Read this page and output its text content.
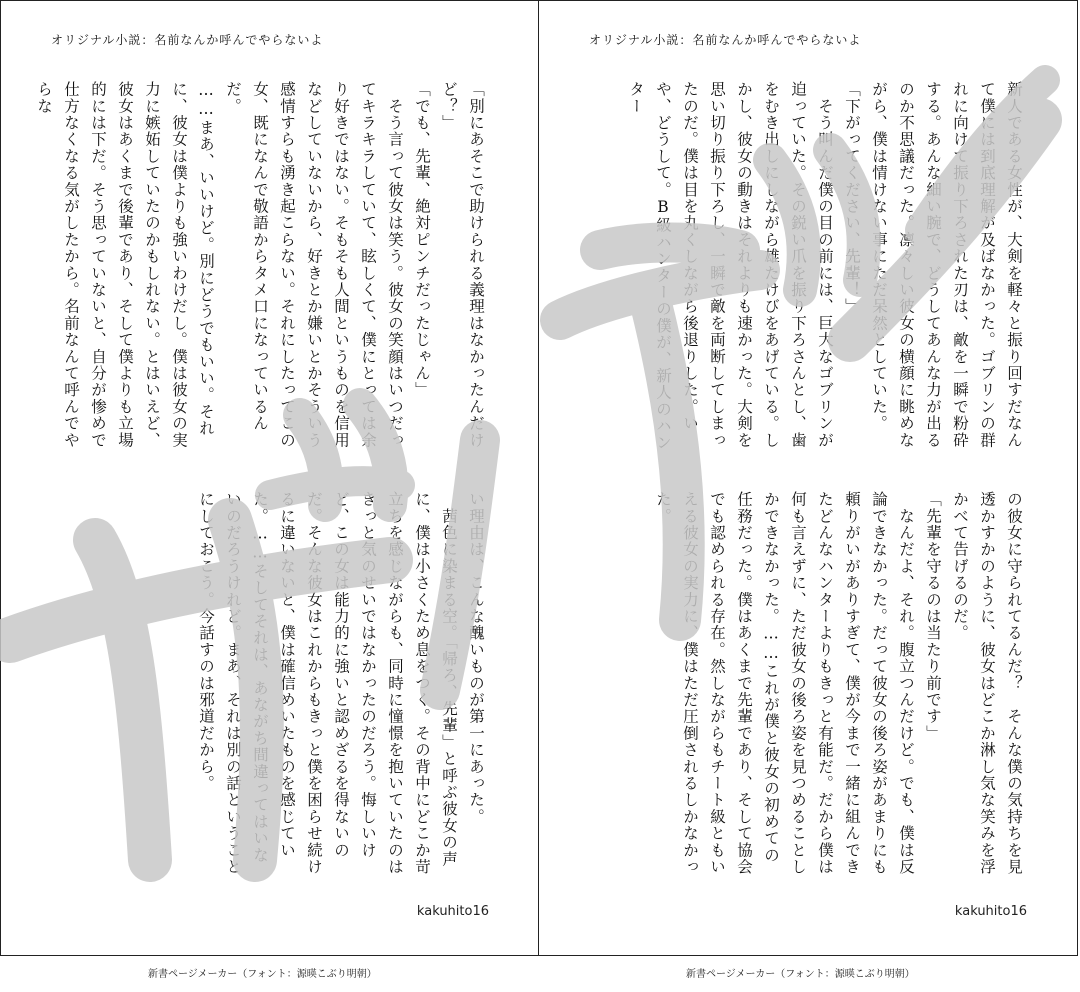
オリジナル小説：名前なんか呼んでやらないよ

「別にあそこで助けられる義理はなかったんだけど？」

「でも、先輩、絶対ピンチだったじゃん」

　そう言って彼女は笑う。彼女の笑顔はいつだってキラキラしていて、眩しくて、僕にとっては余り好きではない。そもそも人間というものを信用などしていないから、好きとか嫌いとかそういう感情すらも湧き起こらない。それにしたってこの女、既になんで敬語からタメ口になっているんだ。

……まあ、いいけど。別にどうでもいい。それに、彼女は僕よりも強いわけだし。僕は彼女の実力に嫉妬していたのかもしれない。とはいえど、彼女はあくまで後輩であり、そして僕よりも立場的には下だ。そう思っていないと、自分が惨めで仕方なくなる気がしたから。名前なんて呼んでやらな

い理由は、こんな醜いものが第一にあった。

　茜色に染まる空。「帰ろ、先輩」と呼ぶ彼女の声に、僕は小さくため息をつく。その背中にどこか苛立ちを感じながらも、同時に憧憬を抱いていたのはきっと気のせいではなかったのだろう。悔しいけど、この女は能力的に強いと認めざるを得ないのだ。そんな彼女はこれからもきっと僕を困らせ続けるに違いないと、僕は確信めいたものを感じていた。……そしてそれは、あながち間違ってはいないのだろうけれど。まあ、それは別の話ということにしておこう。今話すのは邪道だから。

kakuhito16
オリジナル小説：名前なんか呼んでやらないよ

新人である女性が、大剣を軽々と振り回すだなんて僕には到底理解が及ばなかった。ゴブリンの群れに向けて振り下ろされた刃は、敵を一瞬で粉砕する。あんな細い腕で、どうしてあんな力が出るのか不思議だった。凛々しい彼女の横顔に眺めながら、僕は情けない事にただ呆然としていた。

「下がってください、先輩！」

　そう叫んだ僕の目の前には、巨大なゴブリンが迫っていた。その鋭い爪を振り下ろさんとし、歯をむき出しにしながら雄たけびをあげている。しかし、彼女の動きはそれよりも速かった。大剣を思い切り振り下ろし、一瞬で敵を両断してしまったのだ。僕は目を丸くしながら後退りした。いや、どうして。B級ハンターの僕が、新人のハンター

の彼女に守られてるんだ？　そんな僕の気持ちを見透かすかのように、彼女はどこか淋し気な笑みを浮かべて告げるのだ。

「先輩を守るのは当たり前です」

　なんだよ、それ。腹立つんだけど。でも、僕は反論できなかった。だって彼女の後ろ姿があまりにも頼りがいがありすぎて、僕が今まで一緒に組んできたどんなハンターよりもきっと有能だ。だから僕は何も言えずに、ただ彼女の後ろ姿を見つめることしかできなかった。……これが僕と彼女の初めての任務だった。僕はあくまで先輩であり、そして協会でも認められる存在。然しながらもチート級ともいえる彼女の実力に、僕はただ圧倒されるしかなかった。

kakuhito16
新書ページメーカー（フォント：源暎こぶり明朝）	新書ページメーカー（フォント：源暎こぶり明朝）
